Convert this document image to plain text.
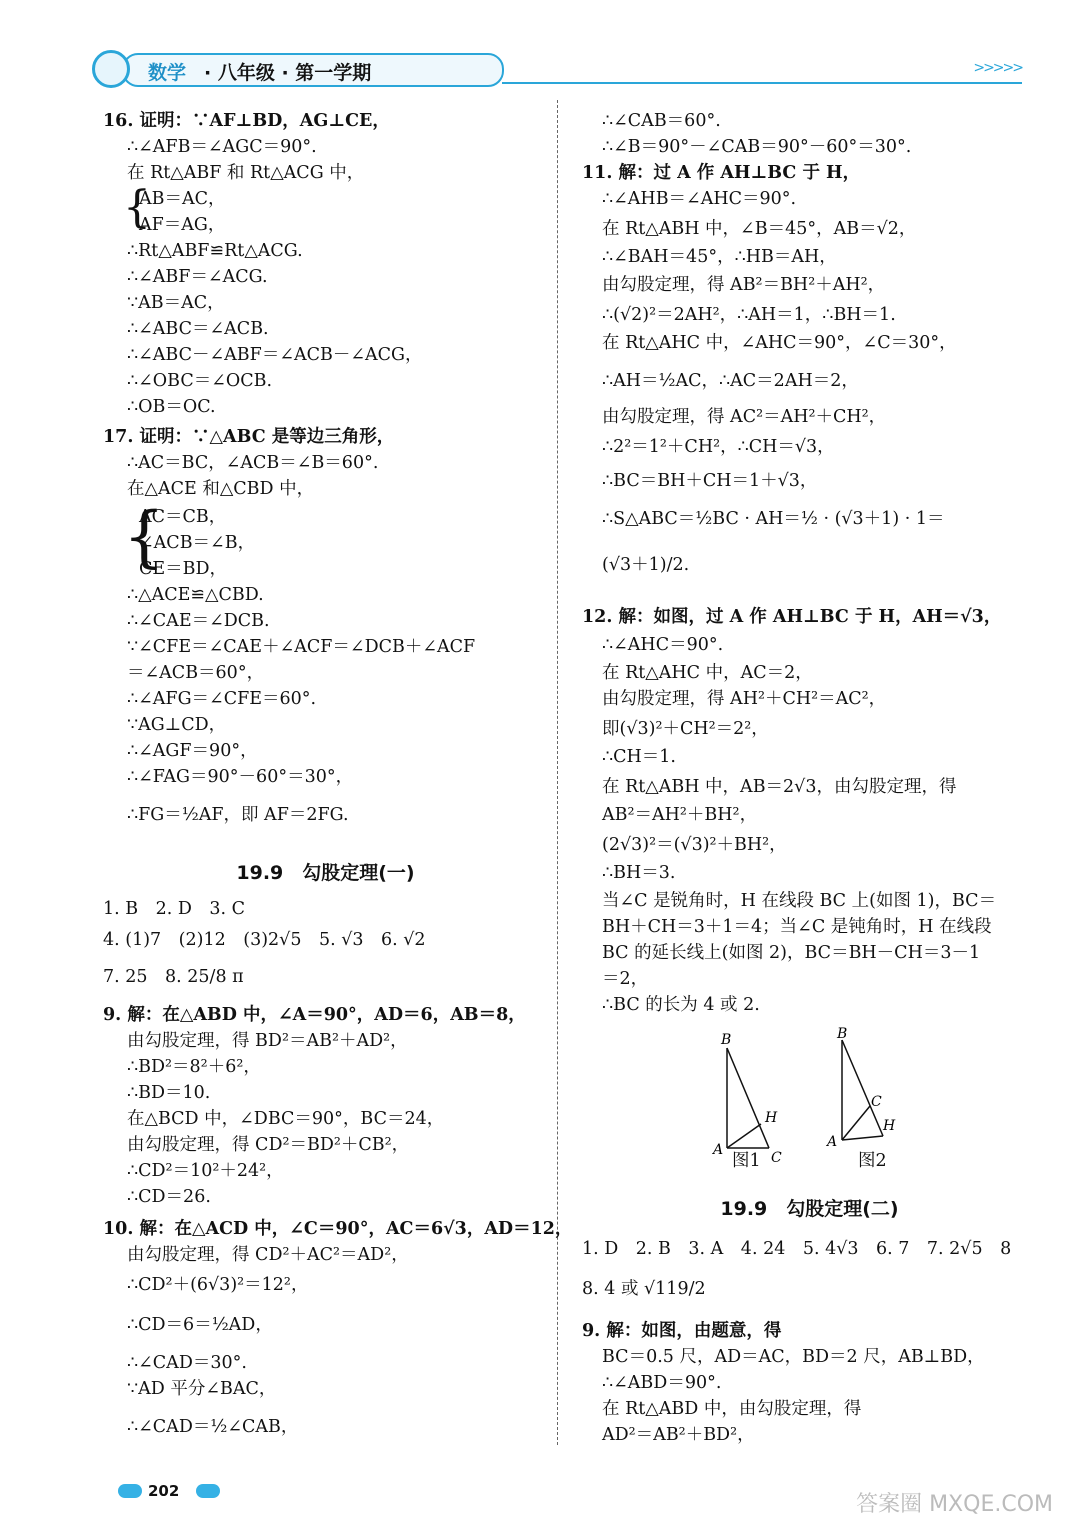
数学 · 八年级 · 第一学期	>>>>>
16. 证明：∵AF⊥BD，AG⊥CE，
∴∠AFB＝∠AGC＝90°.
在 Rt△ABF 和 Rt△ACG 中，
{
AB＝AC，
AF＝AG，
∴Rt△ABF≌Rt△ACG.
∴∠ABF＝∠ACG.
∵AB＝AC，
∴∠ABC＝∠ACB.
∴∠ABC－∠ABF＝∠ACB－∠ACG，
∴∠OBC＝∠OCB.
∴OB＝OC.
17. 证明：∵△ABC 是等边三角形，
∴AC＝BC，∠ACB＝∠B＝60°.
在△ACE 和△CBD 中，
{
AC＝CB，
∠ACB＝∠B，
CE＝BD，
∴△ACE≌△CBD.
∴∠CAE＝∠DCB.
∵∠CFE＝∠CAE＋∠ACF＝∠DCB＋∠ACF
＝∠ACB＝60°，
∴∠AFG＝∠CFE＝60°.
∵AG⊥CD，
∴∠AGF＝90°，
∴∠FAG＝90°－60°＝30°，
∴FG＝½AF，即 AF＝2FG.
19.9　勾股定理(一)
1. B　2. D　3. C
4. (1)7　(2)12　(3)2√5　5. √3　6. √2
7. 25　8. 25/8 π
9. 解：在△ABD 中，∠A＝90°，AD＝6，AB＝8，
由勾股定理，得 BD²＝AB²＋AD²，
∴BD²＝8²＋6²，
∴BD＝10.
在△BCD 中，∠DBC＝90°，BC＝24，
由勾股定理，得 CD²＝BD²＋CB²，
∴CD²＝10²＋24²，
∴CD＝26.
10. 解：在△ACD 中，∠C＝90°，AC＝6√3，AD＝12，
由勾股定理，得 CD²＋AC²＝AD²，
∴CD²＋(6√3)²＝12²，
∴CD＝6＝½AD，
∴∠CAD＝30°.
∵AD 平分∠BAC，
∴∠CAD＝½∠CAB，
∴∠CAB＝60°.
∴∠B＝90°－∠CAB＝90°－60°＝30°.
11. 解：过 A 作 AH⊥BC 于 H，
∴∠AHB＝∠AHC＝90°.
在 Rt△ABH 中，∠B＝45°，AB＝√2，
∴∠BAH＝45°，∴HB＝AH，
由勾股定理，得 AB²＝BH²＋AH²，
∴(√2)²＝2AH²，∴AH＝1，∴BH＝1.
在 Rt△AHC 中，∠AHC＝90°，∠C＝30°，
∴AH＝½AC，∴AC＝2AH＝2，
由勾股定理，得 AC²＝AH²＋CH²，
∴2²＝1²＋CH²，∴CH＝√3，
∴BC＝BH＋CH＝1＋√3，
∴S△ABC＝½BC · AH＝½ · (√3＋1) · 1＝
(√3＋1)/2.
12. 解：如图，过 A 作 AH⊥BC 于 H，AH＝√3，
∴∠AHC＝90°.
在 Rt△AHC 中，AC＝2，
由勾股定理，得 AH²＋CH²＝AC²，
即(√3)²＋CH²＝2²，
∴CH＝1.
在 Rt△ABH 中，AB＝2√3，由勾股定理，得
AB²＝AH²＋BH²，
(2√3)²＝(√3)²＋BH²，
∴BH＝3.
当∠C 是锐角时，H 在线段 BC 上(如图 1)，BC＝
BH＋CH＝3＋1＝4；当∠C 是钝角时，H 在线段
BC 的延长线上(如图 2)，BC＝BH－CH＝3－1
＝2，
∴BC 的长为 4 或 2.
B
H
A	C
B
C
H
A
图1	图2
19.9　勾股定理(二)
1. D　2. B　3. A　4. 24　5. 4√3　6. 7　7. 2√5　8
8. 4 或 √119/2
9. 解：如图，由题意，得
BC＝0.5 尺，AD＝AC，BD＝2 尺，AB⊥BD，
∴∠ABD＝90°.
在 Rt△ABD 中，由勾股定理，得
AD²＝AB²＋BD²，
202
答案圈 MXQE.COM
